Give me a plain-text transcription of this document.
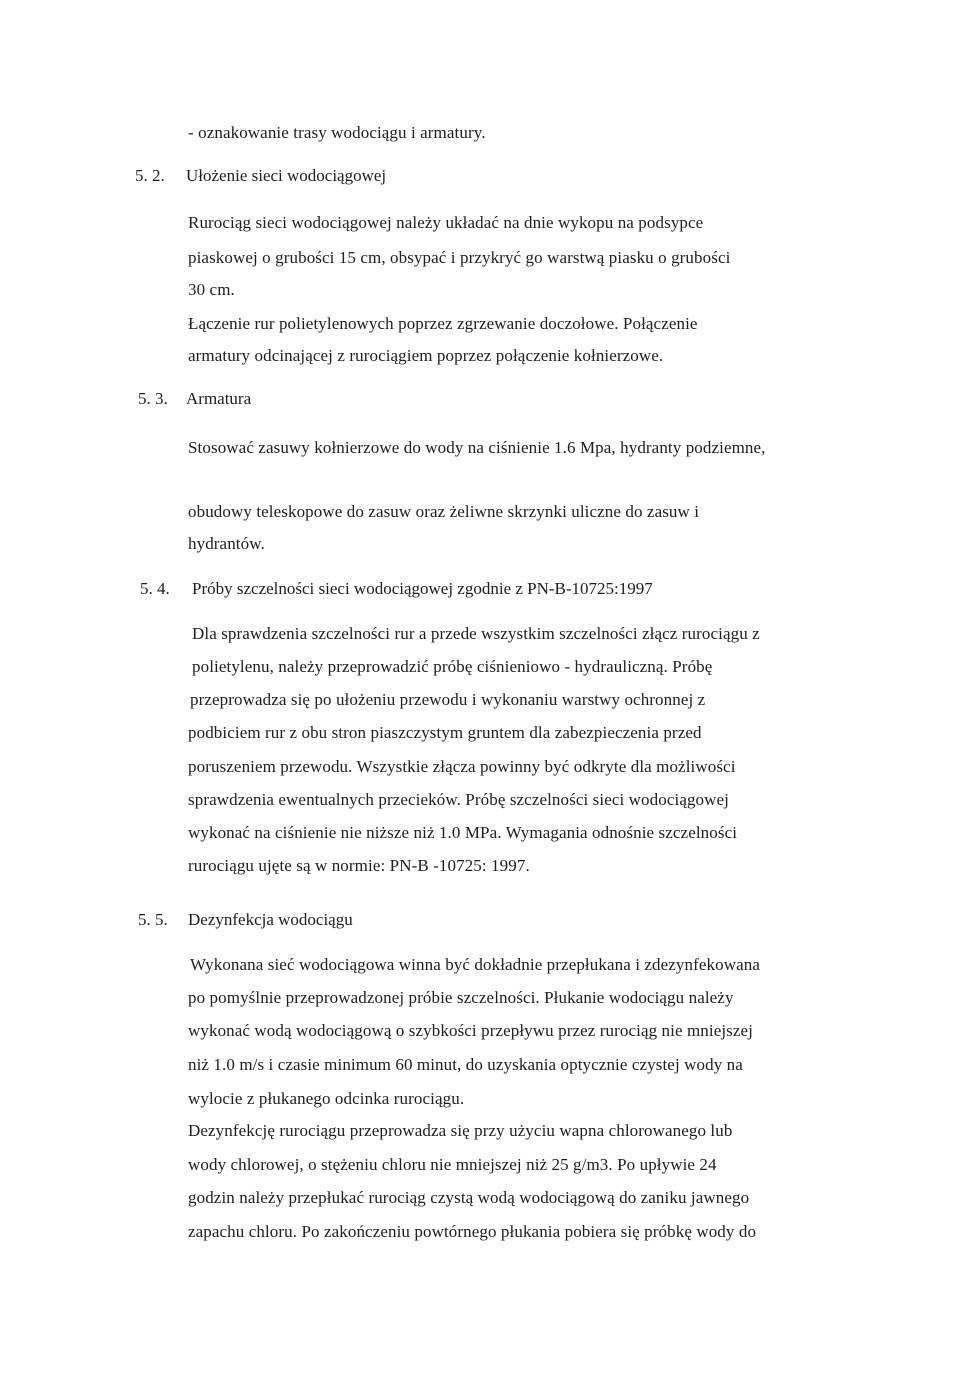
- oznakowanie trasy wodociągu i armatury.
5. 2. Ułożenie sieci wodociągowej
Rurociąg sieci wodociągowej należy układać na dnie wykopu na podsypce
piaskowej o grubości 15 cm, obsypać i przykryć go warstwą piasku o grubości
30 cm.
Łączenie rur polietylenowych poprzez zgrzewanie doczołowe. Połączenie
armatury odcinającej z rurociągiem poprzez połączenie kołnierzowe.
5. 3. Armatura
Stosować zasuwy kołnierzowe do wody na ciśnienie 1.6 Mpa, hydranty podziemne,
obudowy teleskopowe do zasuw oraz żeliwne skrzynki uliczne do zasuw i
hydrantów.
5. 4. Próby szczelności sieci wodociągowej zgodnie z PN-B-10725:1997
Dla sprawdzenia szczelności rur a przede wszystkim szczelności złącz rurociągu z
polietylenu, należy przeprowadzić próbę ciśnieniowo - hydrauliczną. Próbę
przeprowadza się po ułożeniu przewodu i wykonaniu warstwy ochronnej z
podbiciem rur z obu stron piaszczystym gruntem dla zabezpieczenia przed
poruszeniem przewodu. Wszystkie złącza powinny być odkryte dla możliwości
sprawdzenia ewentualnych przecieków. Próbę szczelności sieci wodociągowej
wykonać na ciśnienie nie niższe niż 1.0 MPa. Wymagania odnośnie szczelności
rurociągu ujęte są w normie: PN-B -10725: 1997.
5. 5. Dezynfekcja wodociągu
Wykonana sieć wodociągowa winna być dokładnie przepłukana i zdezynfekowana
po pomyślnie przeprowadzonej próbie szczelności. Płukanie wodociągu należy
wykonać wodą wodociągową o szybkości przepływu przez rurociąg nie mniejszej
niż 1.0 m/s i czasie minimum 60 minut, do uzyskania optycznie czystej wody na
wylocie z płukanego odcinka rurociągu.
Dezynfekcję rurociągu przeprowadza się przy użyciu wapna chlorowanego lub
wody chlorowej, o stężeniu chloru nie mniejszej niż 25 g/m3. Po upływie 24
godzin należy przepłukać rurociąg czystą wodą wodociągową do zaniku jawnego
zapachu chloru. Po zakończeniu powtórnego płukania pobiera się próbkę wody do
